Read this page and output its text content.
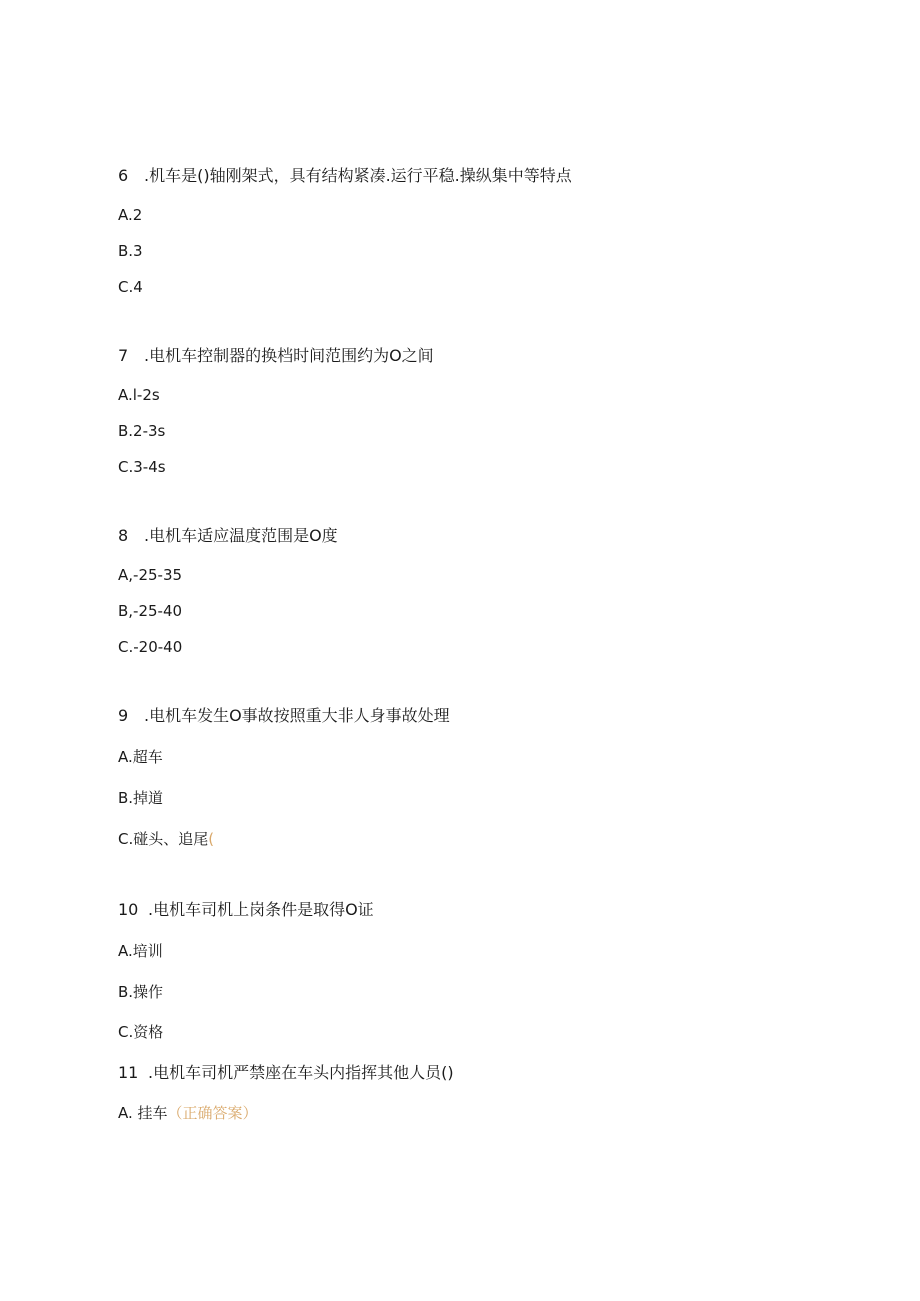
6 .机车是()轴刚架式，具有结构紧凑.运行平稳.操纵集中等特点
A.2
B.3
C.4
7 .电机车控制器的换档时间范围约为O之间
A.l-2s
B.2-3s
C.3-4s
8 .电机车适应温度范围是O度
A,-25-35
B,-25-40
C.-20-40
9 .电机车发生O事故按照重大非人身事故处理
A.超车
B.掉道
C.碰头、追尾(
10 .电机车司机上岗条件是取得O证
A.培训
B.操作
C.资格
11 .电机车司机严禁座在车头内指挥其他人员()
A. 挂车（正确答案）
